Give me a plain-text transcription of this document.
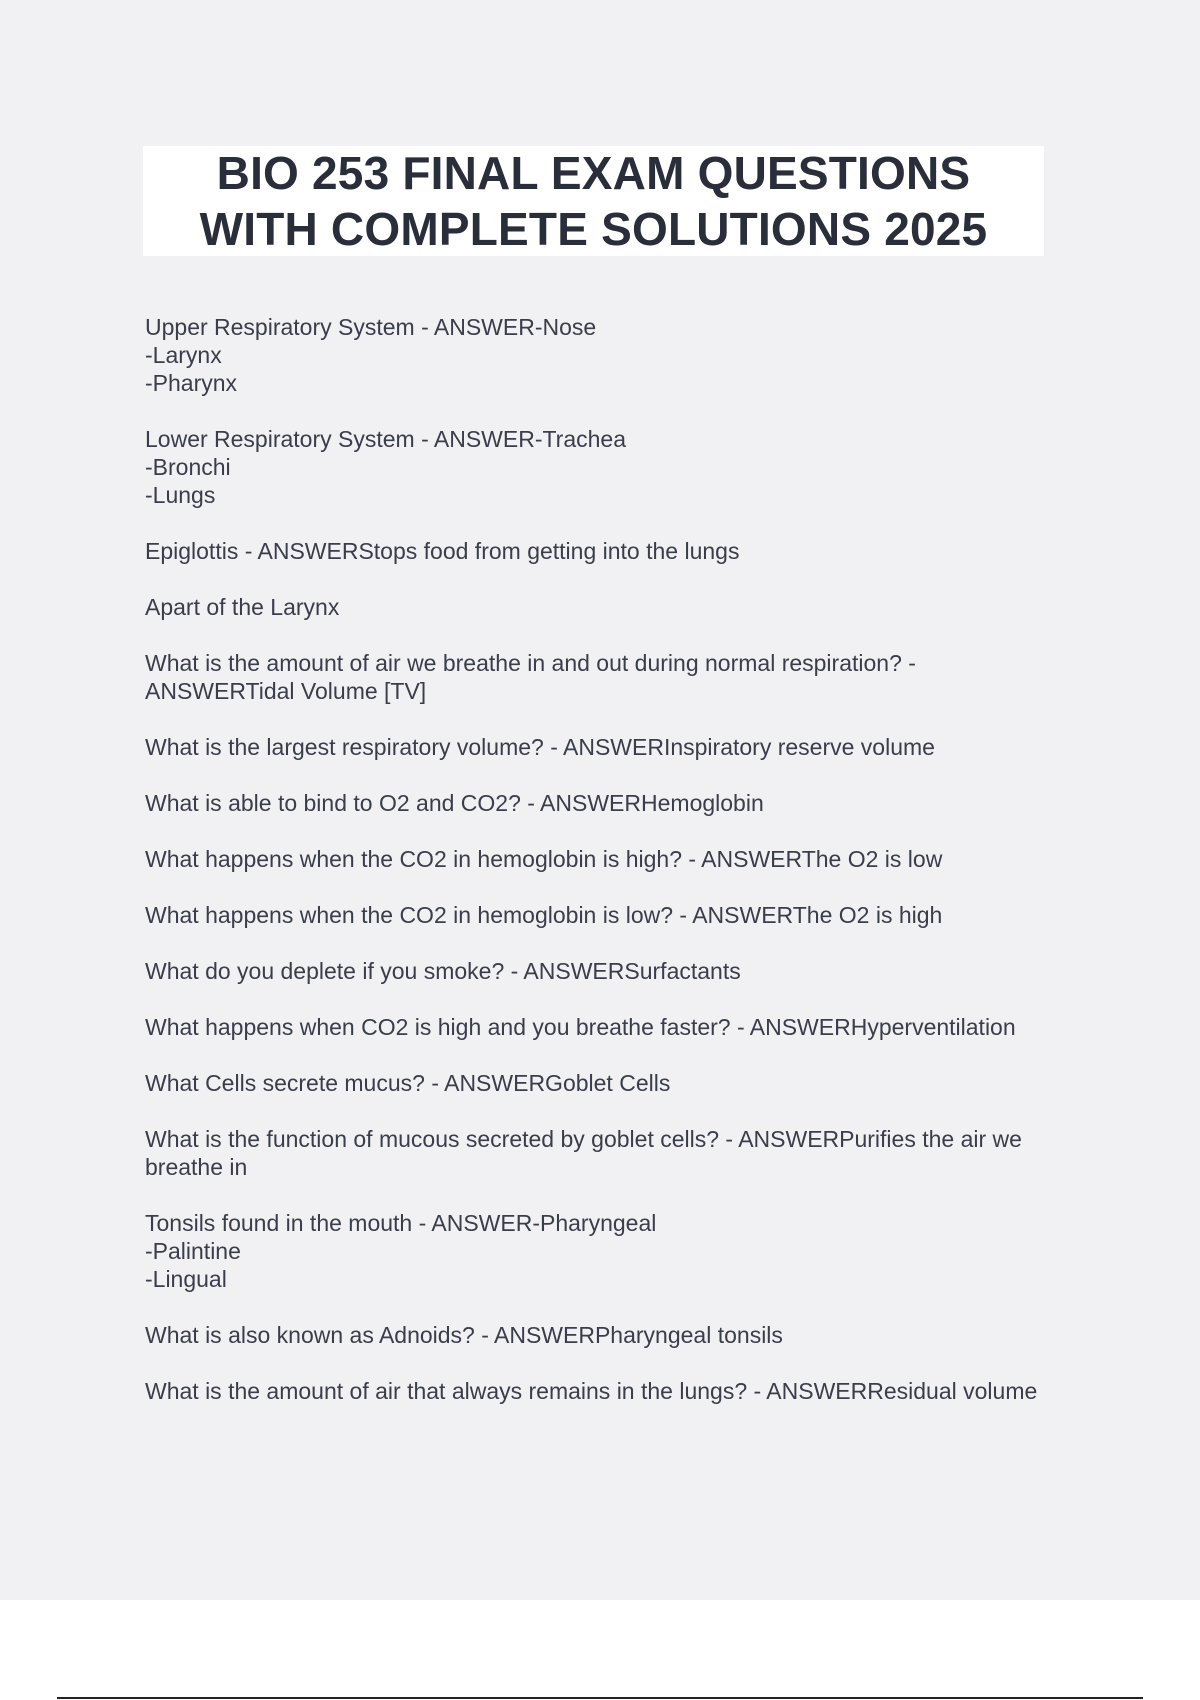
BIO 253 FINAL EXAM QUESTIONS
WITH COMPLETE SOLUTIONS 2025
Upper Respiratory System - ANSWER-Nose
-Larynx
-Pharynx
Lower Respiratory System - ANSWER-Trachea
-Bronchi
-Lungs
Epiglottis - ANSWERStops food from getting into the lungs
Apart of the Larynx
What is the amount of air we breathe in and out during normal respiration? -
ANSWERTidal Volume [TV]
What is the largest respiratory volume? - ANSWERInspiratory reserve volume
What is able to bind to O2 and CO2? - ANSWERHemoglobin
What happens when the CO2 in hemoglobin is high? - ANSWERThe O2 is low
What happens when the CO2 in hemoglobin is low? - ANSWERThe O2 is high
What do you deplete if you smoke? - ANSWERSurfactants
What happens when CO2 is high and you breathe faster? - ANSWERHyperventilation
What Cells secrete mucus? - ANSWERGoblet Cells
What is the function of mucous secreted by goblet cells? - ANSWERPurifies the air we
breathe in
Tonsils found in the mouth - ANSWER-Pharyngeal
-Palintine
-Lingual
What is also known as Adnoids? - ANSWERPharyngeal tonsils
What is the amount of air that always remains in the lungs? - ANSWERResidual volume
